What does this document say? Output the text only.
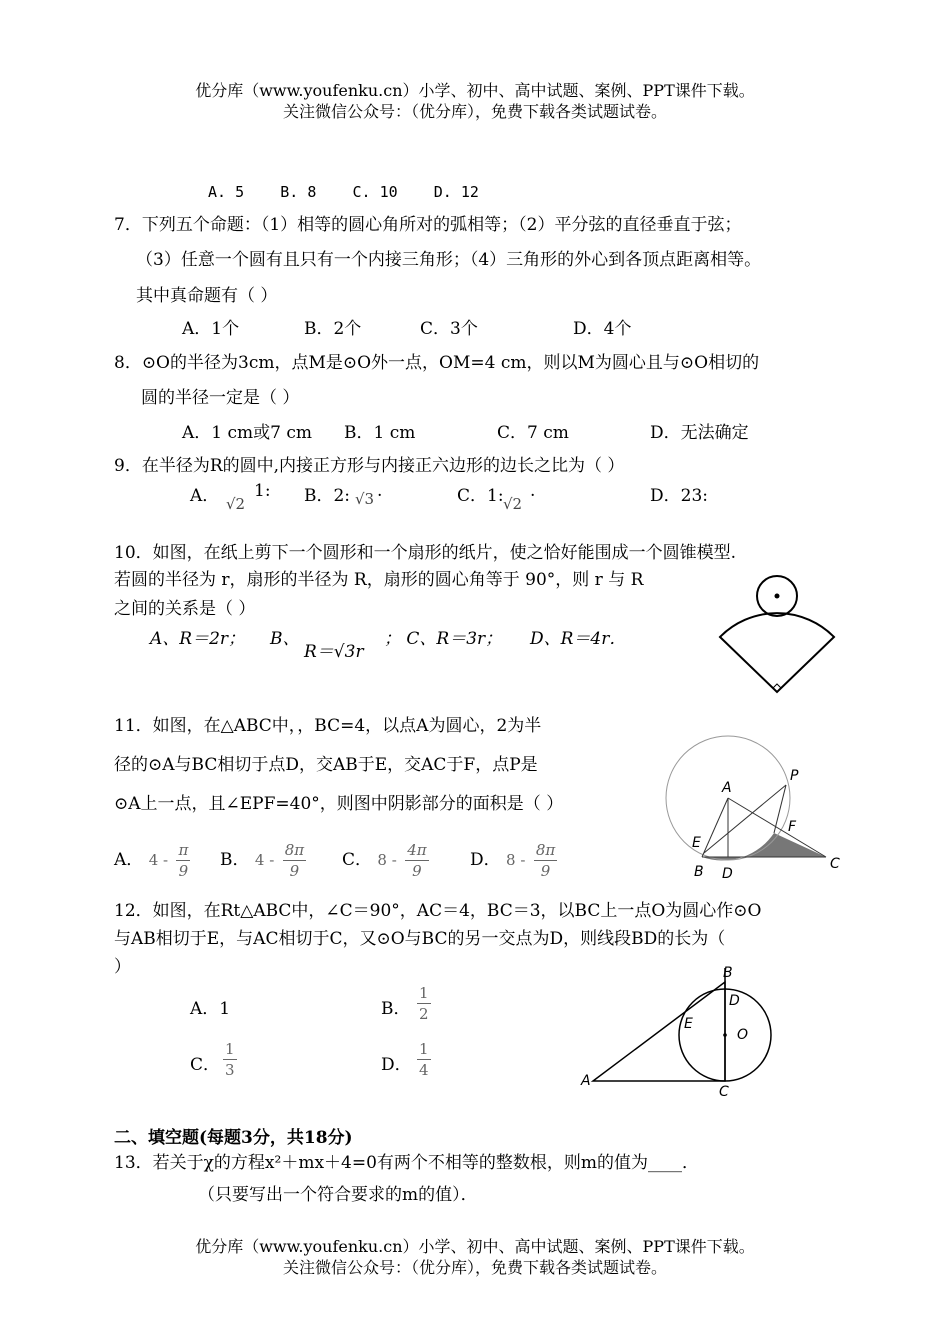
优分库（www.youfenku.cn）小学、初中、高中试题、案例、PPT课件下载。
关注微信公众号：（优分库），免费下载各类试题试卷。
A. 5    B. 8    C. 10    D. 12
7．下列五个命题：（1）相等的圆心角所对的弧相等；（2）平分弦的直径垂直于弦；
（3）任意一个圆有且只有一个内接三角形；（4）三角形的外心到各顶点距离相等。
其中真命题有（ ）
A．1个	B．2个	C．3个	D．4个
8．⊙O的半径为3cm，点M是⊙O外一点，OM=4 cm，则以M为圆心且与⊙O相切的
圆的半径一定是（ ）
A．1 cm或7 cm B．1 cm	C．7 cm	D．无法确定
9．在半径为R的圆中,内接正方形与内接正六边形的边长之比为（ ）
A． √2
1: B．2: √3 .	C．1: √2
.	D．23:
10．如图，在纸上剪下一个圆形和一个扇形的纸片，使之恰好能围成一个圆锥模型.
若圆的半径为 r，扇形的半径为 R，扇形的圆心角等于 90°，则 r 与 R
之间的关系是（ ）
A、R＝2r； B、
R＝√3r
； C、R＝3r； D、R＝4r．
11．如图，在△ABC中，，BC=4，以点A为圆心，2为半
径的⊙A与BC相切于点D，交AB于E，交AC于F，点P是
⊙A上一点，且∠EPF=40°，则图中阴影部分的面积是（ ）
A． $4 - \frac{\pi}{9}$ B． $4 - \frac{8\pi}{9}$ C． $8 - \frac{4\pi}{9}$ D． $8 - \frac{8\pi}{9}$
A
P
E
F
B D
C
12．如图，在Rt△ABC中，∠C＝90°，AC＝4，BC＝3，以BC上一点O为圆心作⊙O
与AB相切于E，与AC相切于C，又⊙O与BC的另一交点为D，则线段BD的长为（
）
A．1	B． $\frac{1}{2}$
C． $\frac{1}{3}$	D． $\frac{1}{4}$
B
E
D
O
A
C
二、填空题(每题3分，共18分)
13．若关于χ的方程x²＋mx＋4=0有两个不相等的整数根，则m的值为____．
（只要写出一个符合要求的m的值）．
优分库（www.youfenku.cn）小学、初中、高中试题、案例、PPT课件下载。
关注微信公众号：（优分库），免费下载各类试题试卷。
